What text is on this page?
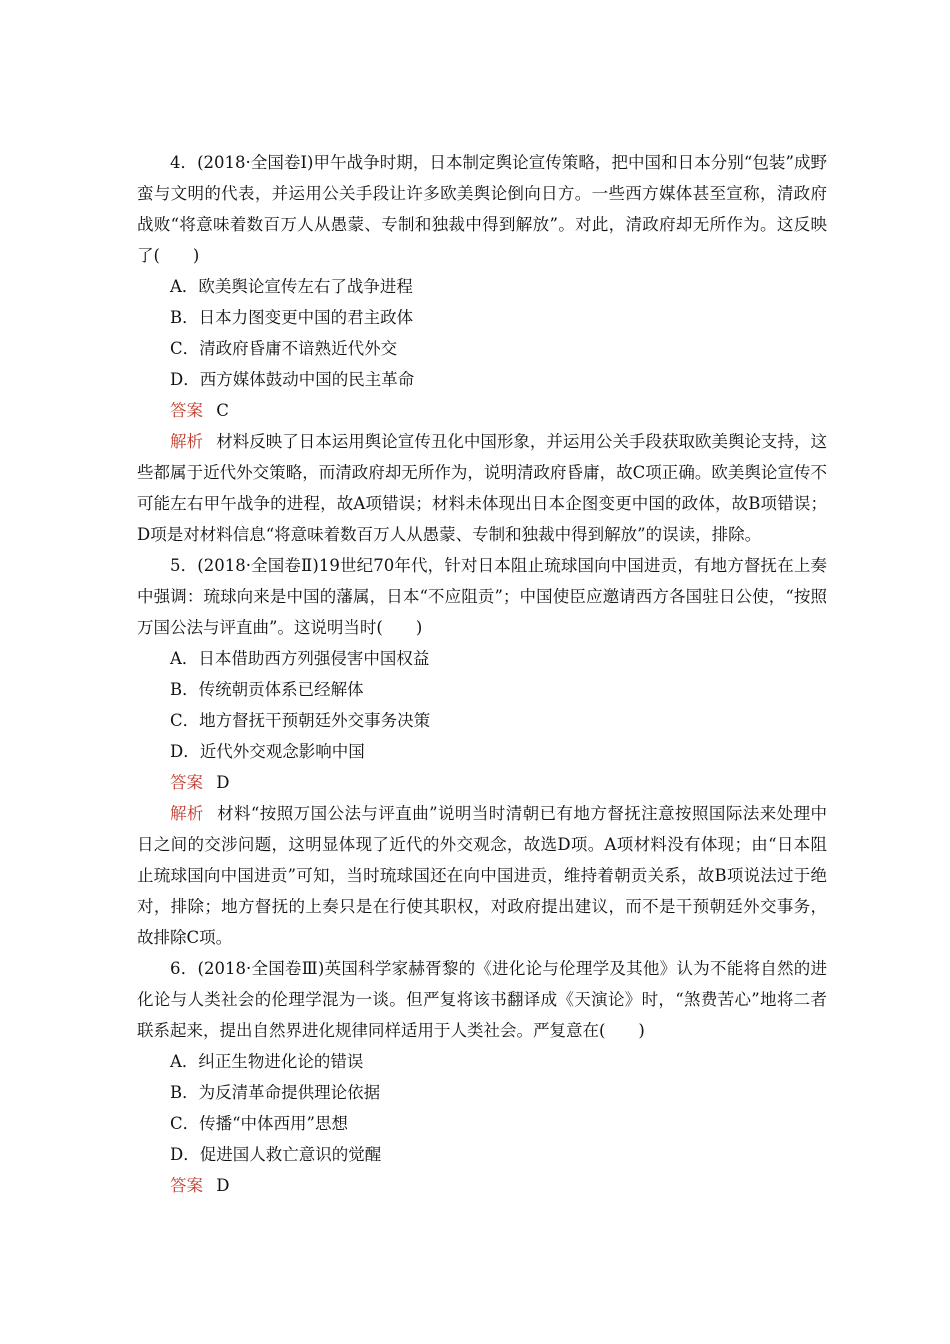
4．(2018·全国卷Ⅰ)甲午战争时期，日本制定舆论宣传策略，把中国和日本分别“包装”成野蛮与文明的代表，并运用公关手段让许多欧美舆论倒向日方。一些西方媒体甚至宣称，清政府战败“将意味着数百万人从愚蒙、专制和独裁中得到解放”。对此，清政府却无所作为。这反映了(　　)

A．欧美舆论宣传左右了战争进程

B．日本力图变更中国的君主政体

C．清政府昏庸不谙熟近代外交

D．西方媒体鼓动中国的民主革命

答案 C

解析 材料反映了日本运用舆论宣传丑化中国形象，并运用公关手段获取欧美舆论支持，这些都属于近代外交策略，而清政府却无所作为，说明清政府昏庸，故C项正确。欧美舆论宣传不可能左右甲午战争的进程，故A项错误；材料未体现出日本企图变更中国的政体，故B项错误；D项是对材料信息“将意味着数百万人从愚蒙、专制和独裁中得到解放”的误读，排除。

5．(2018·全国卷Ⅱ)19世纪70年代，针对日本阻止琉球国向中国进贡，有地方督抚在上奏中强调：琉球向来是中国的藩属，日本“不应阻贡”；中国使臣应邀请西方各国驻日公使，“按照万国公法与评直曲”。这说明当时(　　)

A．日本借助西方列强侵害中国权益

B．传统朝贡体系已经解体

C．地方督抚干预朝廷外交事务决策

D．近代外交观念影响中国

答案 D

解析 材料“按照万国公法与评直曲”说明当时清朝已有地方督抚注意按照国际法来处理中日之间的交涉问题，这明显体现了近代的外交观念，故选D项。A项材料没有体现；由“日本阻止琉球国向中国进贡”可知，当时琉球国还在向中国进贡，维持着朝贡关系，故B项说法过于绝对，排除；地方督抚的上奏只是在行使其职权，对政府提出建议，而不是干预朝廷外交事务，故排除C项。

6．(2018·全国卷Ⅲ)英国科学家赫胥黎的《进化论与伦理学及其他》认为不能将自然的进化论与人类社会的伦理学混为一谈。但严复将该书翻译成《天演论》时，“煞费苦心”地将二者联系起来，提出自然界进化规律同样适用于人类社会。严复意在(　　)

A．纠正生物进化论的错误

B．为反清革命提供理论依据

C．传播“中体西用”思想

D．促进国人救亡意识的觉醒

答案 D
